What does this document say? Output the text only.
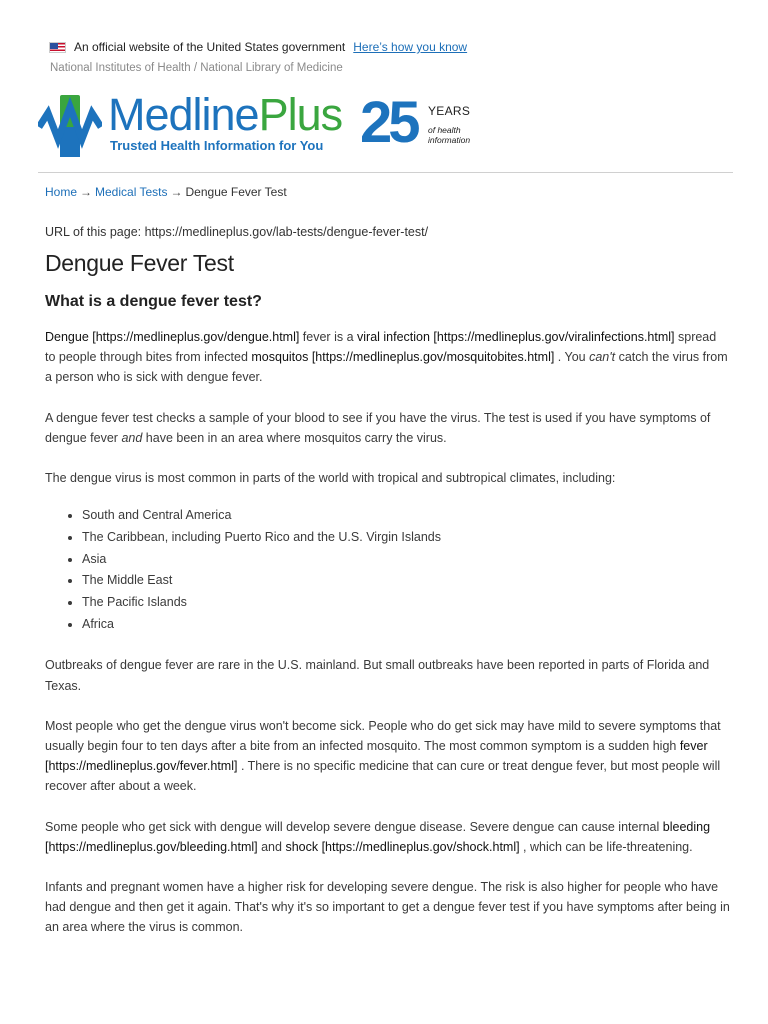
An official website of the United States government Here’s how you know
National Institutes of Health / National Library of Medicine
MedlinePlus
Trusted Health Information for You 25 YEARS
of health information
Home → Medical Tests → Dengue Fever Test
URL of this page: https://medlineplus.gov/lab-tests/dengue-fever-test/
Dengue Fever Test
What is a dengue fever test?

Dengue [https://medlineplus.gov/dengue.html] fever is a viral infection [https://medlineplus.gov/viralinfections.html] spread to people through bites from infected mosquitos [https://medlineplus.gov/mosquitobites.html] . You can't catch the virus from a person who is sick with dengue fever.

A dengue fever test checks a sample of your blood to see if you have the virus. The test is used if you have symptoms of dengue fever and have been in an area where mosquitos carry the virus.

The dengue virus is most common in parts of the world with tropical and subtropical climates, including:

• South and Central America
• The Caribbean, including Puerto Rico and the U.S. Virgin Islands
• Asia
• The Middle East
• The Pacific Islands
• Africa

Outbreaks of dengue fever are rare in the U.S. mainland. But small outbreaks have been reported in parts of Florida and Texas.

Most people who get the dengue virus won't become sick. People who do get sick may have mild to severe symptoms that usually begin four to ten days after a bite from an infected mosquito. The most common symptom is a sudden high fever [https://medlineplus.gov/fever.html] . There is no specific medicine that can cure or treat dengue fever, but most people will recover after about a week.

Some people who get sick with dengue will develop severe dengue disease. Severe dengue can cause internal bleeding [https://medlineplus.gov/bleeding.html] and shock [https://medlineplus.gov/shock.html] , which can be life-threatening.

Infants and pregnant women have a higher risk for developing severe dengue. The risk is also higher for people who have had dengue and then get it again. That's why it's so important to get a dengue fever test if you have symptoms after being in an area where the virus is common.
